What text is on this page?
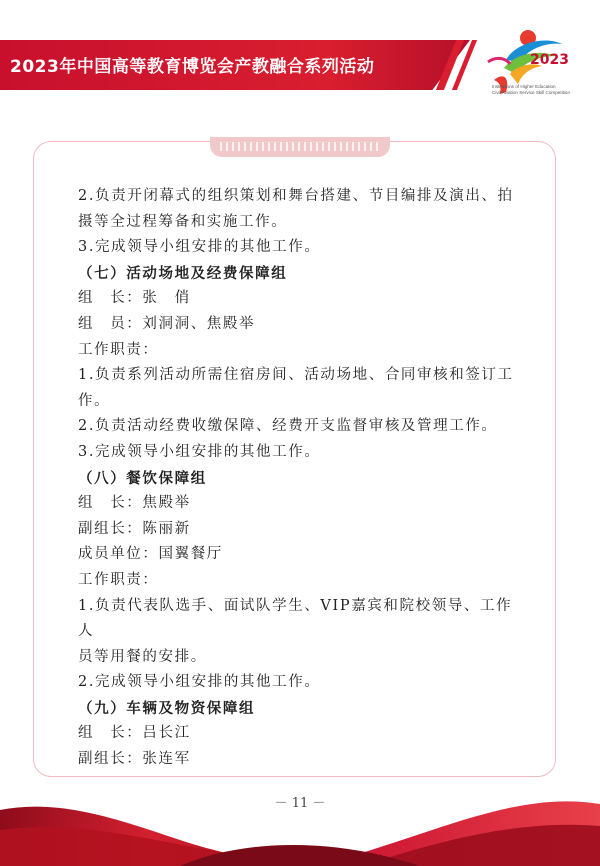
2023年中国高等教育博览会产教融合系列活动	2023
Institutions of Higher Education
Civil Aviation Service Skill Competition

2.负责开闭幕式的组织策划和舞台搭建、节目编排及演出、拍

摄等全过程筹备和实施工作。

3.完成领导小组安排的其他工作。

（七）活动场地及经费保障组

组　长：张　俏

组　员：刘洞洞、焦殿举

工作职责：

1.负责系列活动所需住宿房间、活动场地、合同审核和签订工

作。

2.负责活动经费收缴保障、经费开支监督审核及管理工作。

3.完成领导小组安排的其他工作。

（八）餐饮保障组

组　长：焦殿举

副组长：陈丽新

成员单位：国翼餐厅

工作职责：

1.负责代表队选手、面试队学生、VIP嘉宾和院校领导、工作人

员等用餐的安排。

2.完成领导小组安排的其他工作。

（九）车辆及物资保障组

组　长：吕长江

副组长：张连军

－ 11 －
